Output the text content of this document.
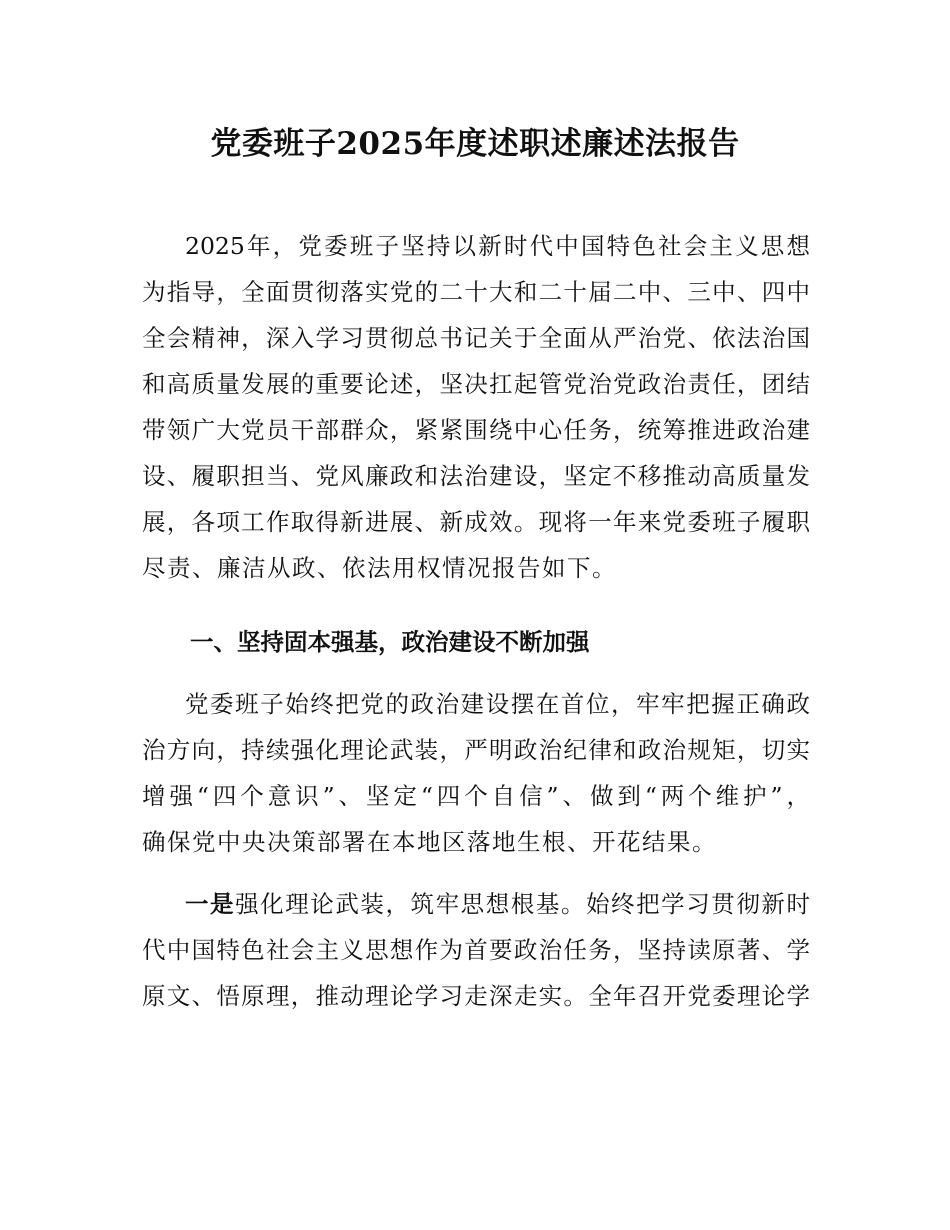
党委班子2025年度述职述廉述法报告
2025年，党委班子坚持以新时代中国特色社会主义思想
为指导，全面贯彻落实党的二十大和二十届二中、三中、四中
全会精神，深入学习贯彻总书记关于全面从严治党、依法治国
和高质量发展的重要论述，坚决扛起管党治党政治责任，团结
带领广大党员干部群众，紧紧围绕中心任务，统筹推进政治建
设、履职担当、党风廉政和法治建设，坚定不移推动高质量发
展，各项工作取得新进展、新成效。现将一年来党委班子履职
尽责、廉洁从政、依法用权情况报告如下。
一、坚持固本强基，政治建设不断加强
党委班子始终把党的政治建设摆在首位，牢牢把握正确政
治方向，持续强化理论武装，严明政治纪律和政治规矩，切实
增强“四个意识”、坚定“四个自信”、做到“两个维护”，
确保党中央决策部署在本地区落地生根、开花结果。
一是强化理论武装，筑牢思想根基。始终把学习贯彻新时
代中国特色社会主义思想作为首要政治任务，坚持读原著、学
原文、悟原理，推动理论学习走深走实。全年召开党委理论学
